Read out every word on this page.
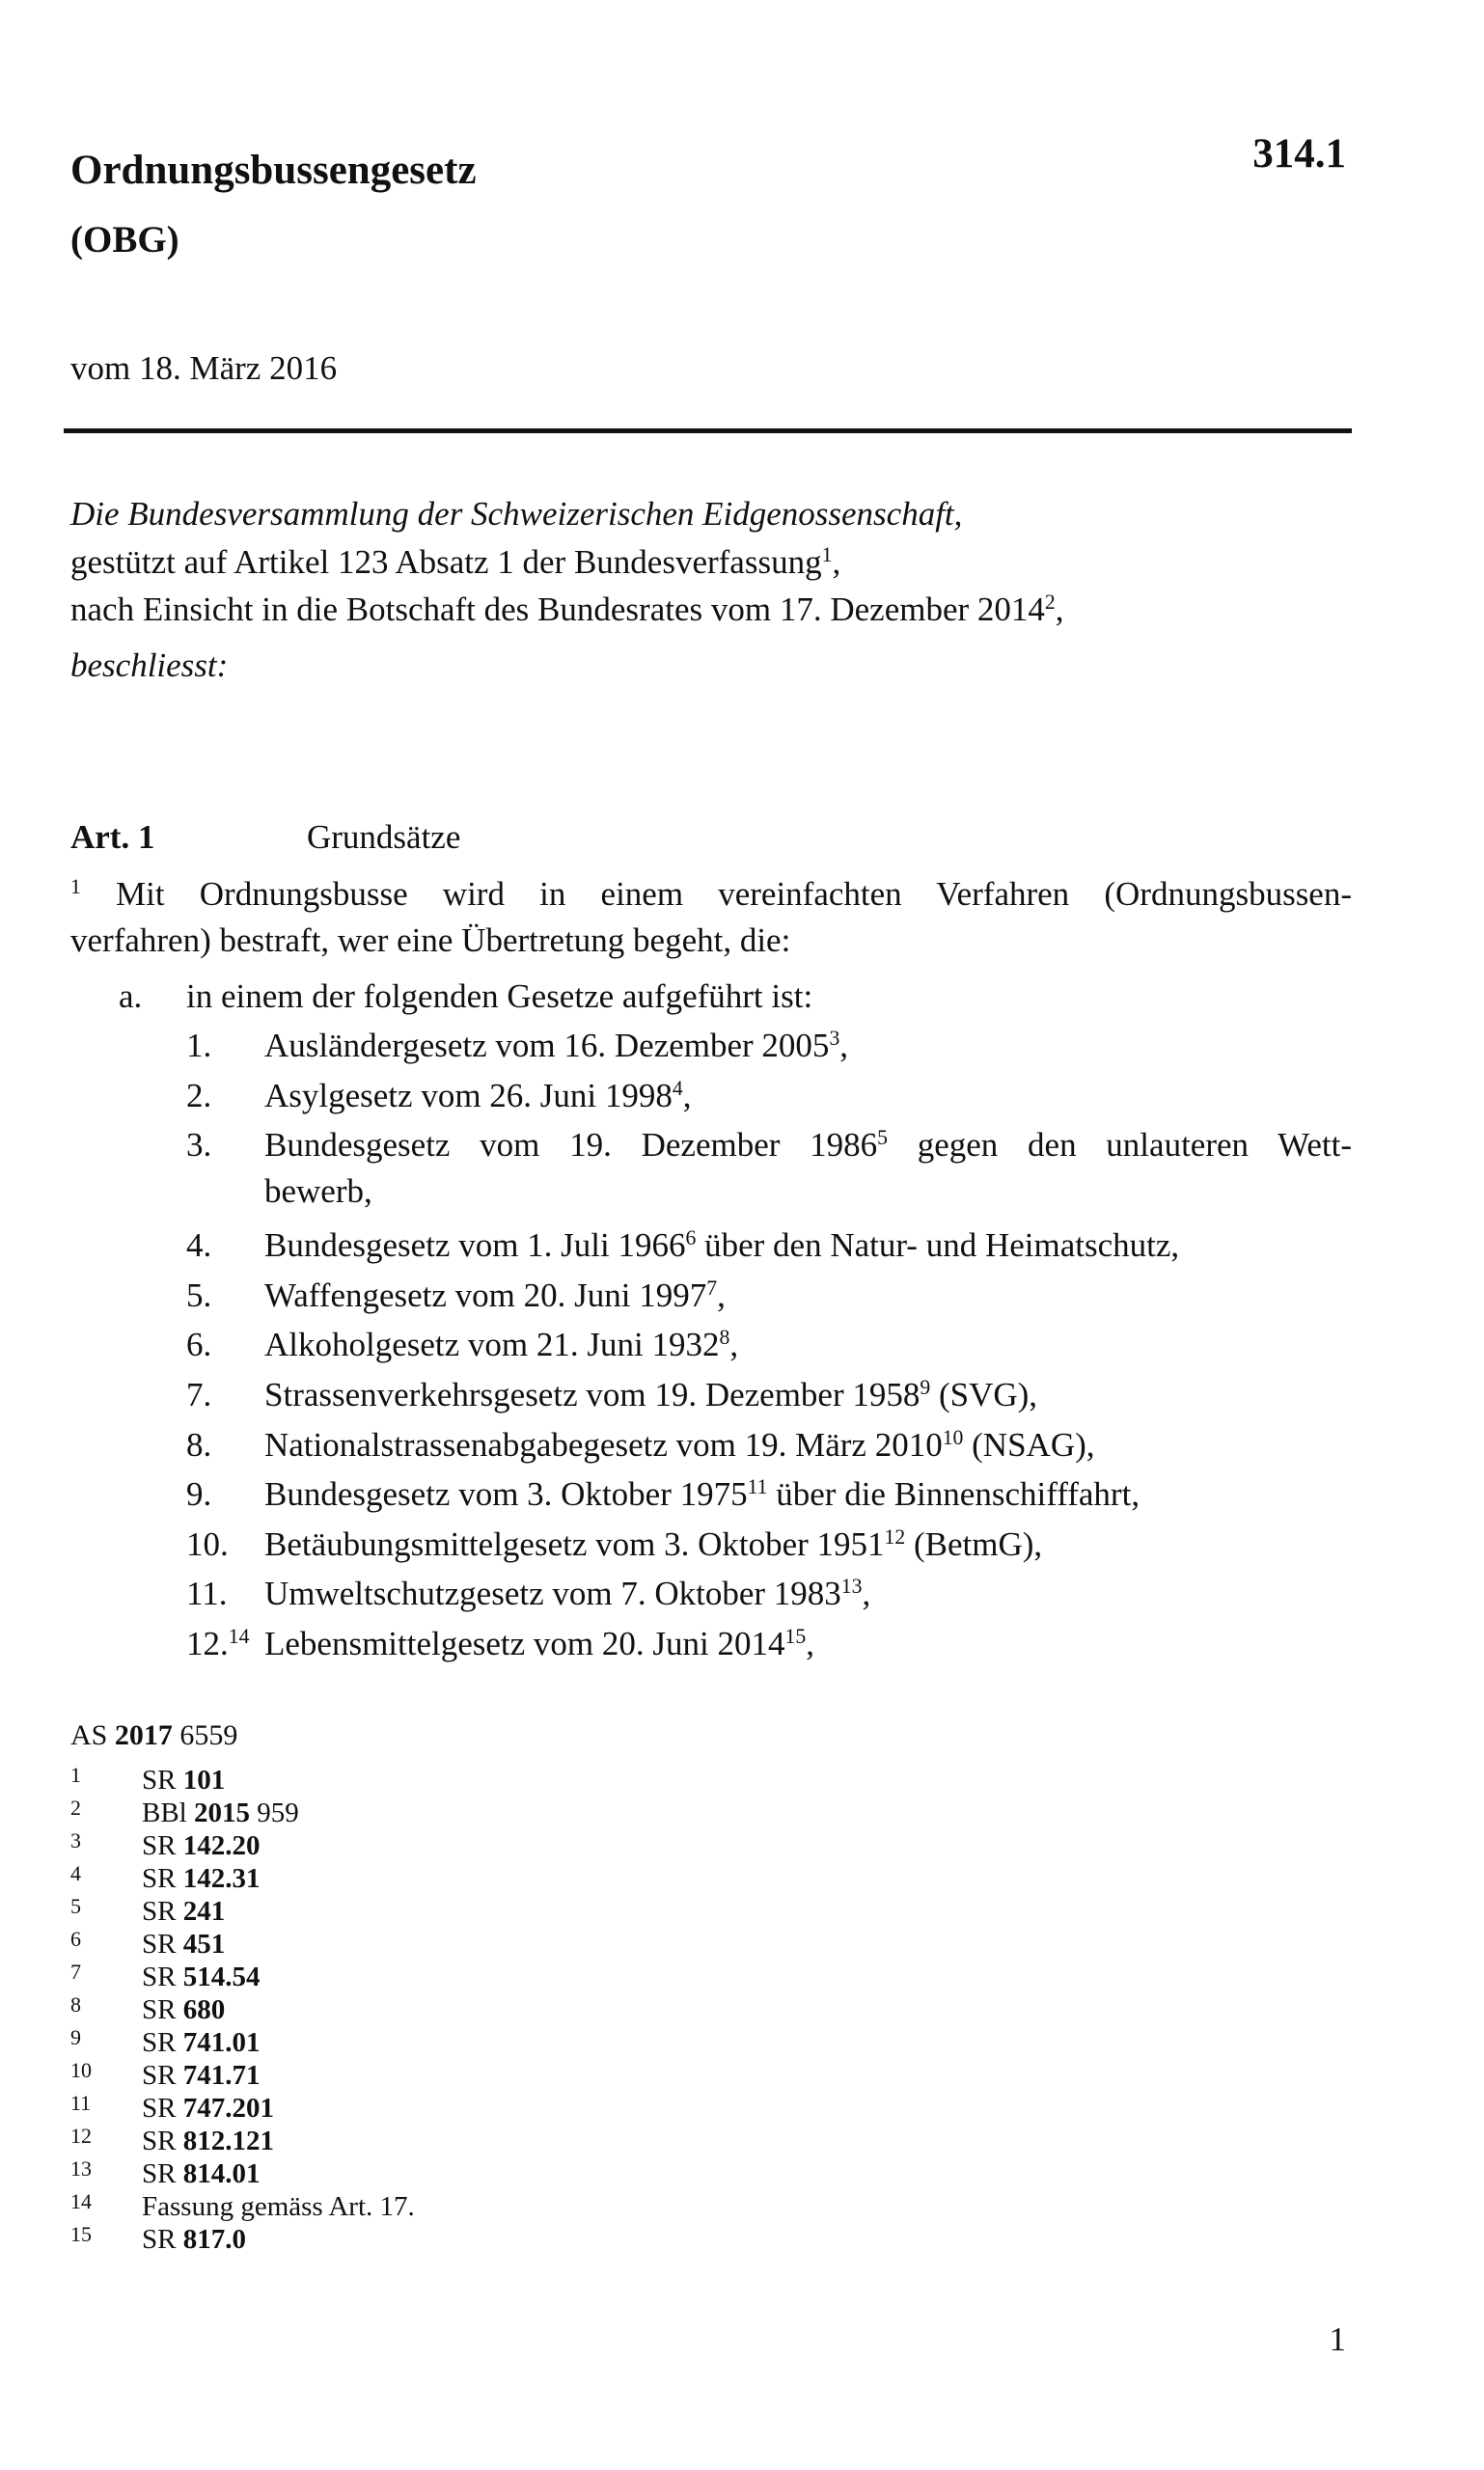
Ordnungsbussengesetz
(OBG)
314.1
vom 18. März 2016
Die Bundesversammlung der Schweizerischen Eidgenossenschaft,
gestützt auf Artikel 123 Absatz 1 der Bundesverfassung$^1$,
nach Einsicht in die Botschaft des Bundesrates vom 17. Dezember 2014$^2$,
beschliesst:
Art. 1	Grundsätze
$^1$ Mit Ordnungsbusse wird in einem vereinfachten Verfahren (Ordnungsbussen-
verfahren) bestraft, wer eine Übertretung begeht, die:
a. in einem der folgenden Gesetze aufgeführt ist:
1. Ausländergesetz vom 16. Dezember 2005$^3$,
2. Asylgesetz vom 26. Juni 1998$^4$,
3. Bundesgesetz vom 19. Dezember 1986$^5$ gegen den unlauteren Wett-
bewerb,
4. Bundesgesetz vom 1. Juli 1966$^6$ über den Natur- und Heimatschutz,
5. Waffengesetz vom 20. Juni 1997$^7$,
6. Alkoholgesetz vom 21. Juni 1932$^8$,
7. Strassenverkehrsgesetz vom 19. Dezember 1958$^9$ (SVG),
8. Nationalstrassenabgabegesetz vom 19. März 2010$^{10}$ (NSAG),
9. Bundesgesetz vom 3. Oktober 1975$^{11}$ über die Binnenschifffahrt,
10. Betäubungsmittelgesetz vom 3. Oktober 1951$^{12}$ (BetmG),
11. Umweltschutzgesetz vom 7. Oktober 1983$^{13}$,
12.14 Lebensmittelgesetz vom 20. Juni 2014$^{15}$,
AS 2017 6559
1 SR 101
2 BBl 2015 959
3 SR 142.20
4 SR 142.31
5 SR 241
6 SR 451
7 SR 514.54
8 SR 680
9 SR 741.01
10 SR 741.71
11 SR 747.201
12 SR 812.121
13 SR 814.01
14 Fassung gemäss Art. 17.
15 SR 817.0
1
